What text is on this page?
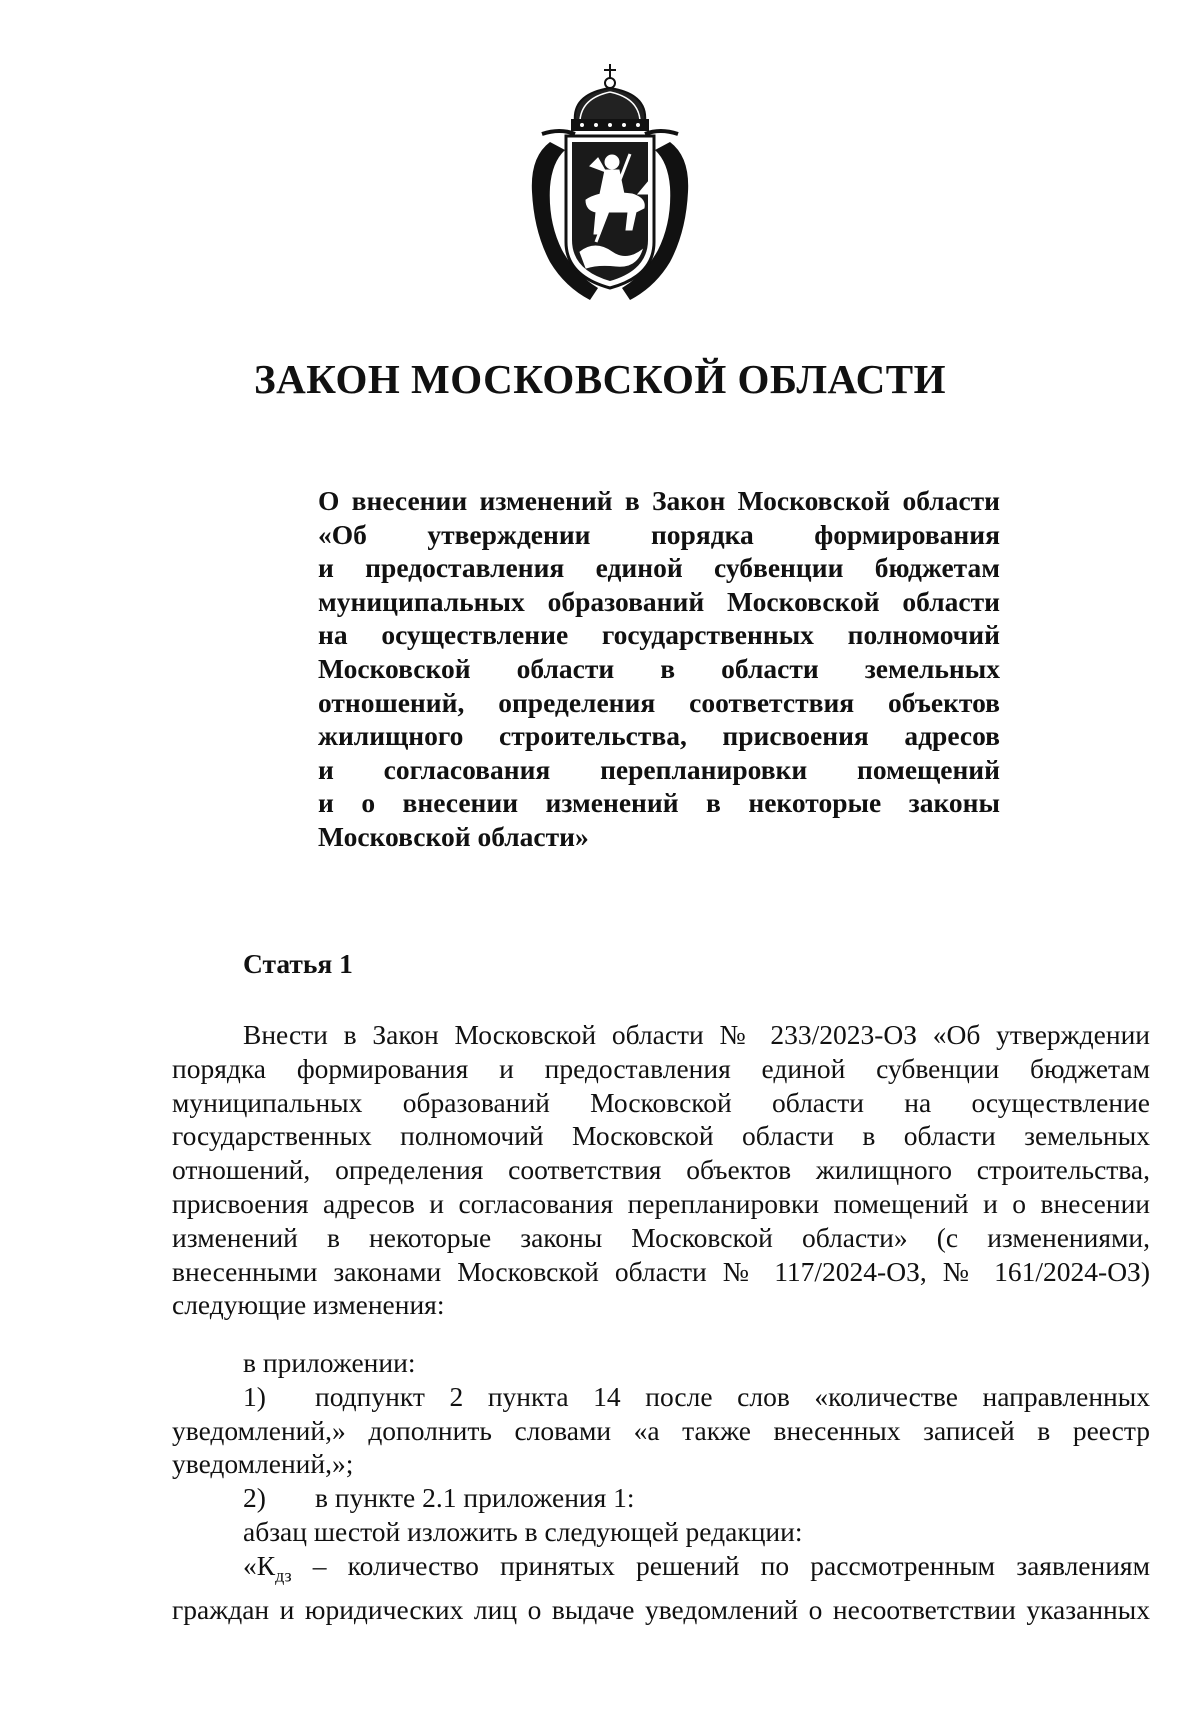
ЗАКОН МОСКОВСКОЙ ОБЛАСТИ
О внесении изменений в Закон Московской области
«Об утверждении порядка формирования
и предоставления единой субвенции бюджетам
муниципальных образований Московской области
на осуществление государственных полномочий
Московской области в области земельных
отношений, определения соответствия объектов
жилищного строительства, присвоения адресов
и согласования перепланировки помещений
и о внесении изменений в некоторые законы
Московской области»
Статья 1
Внести в Закон Московской области № 233/2023-ОЗ «Об утверждении
порядка формирования и предоставления единой субвенции бюджетам
муниципальных образований Московской области на осуществление
государственных полномочий Московской области в области земельных
отношений, определения соответствия объектов жилищного строительства,
присвоения адресов и согласования перепланировки помещений и о внесении
изменений в некоторые законы Московской области» (с изменениями,
внесенными законами Московской области № 117/2024-ОЗ, № 161/2024-ОЗ)
следующие изменения:
в приложении:
1)	подпункт 2 пункта 14 после слов «количестве направленных
уведомлений,» дополнить словами «а также внесенных записей в реестр
уведомлений,»;
2)	в пункте 2.1 приложения 1:
абзац шестой изложить в следующей редакции:
«$К_{дз}$ – количество принятых решений по рассмотренным заявлениям
граждан и юридических лиц о выдаче уведомлений о несоответствии указанных
